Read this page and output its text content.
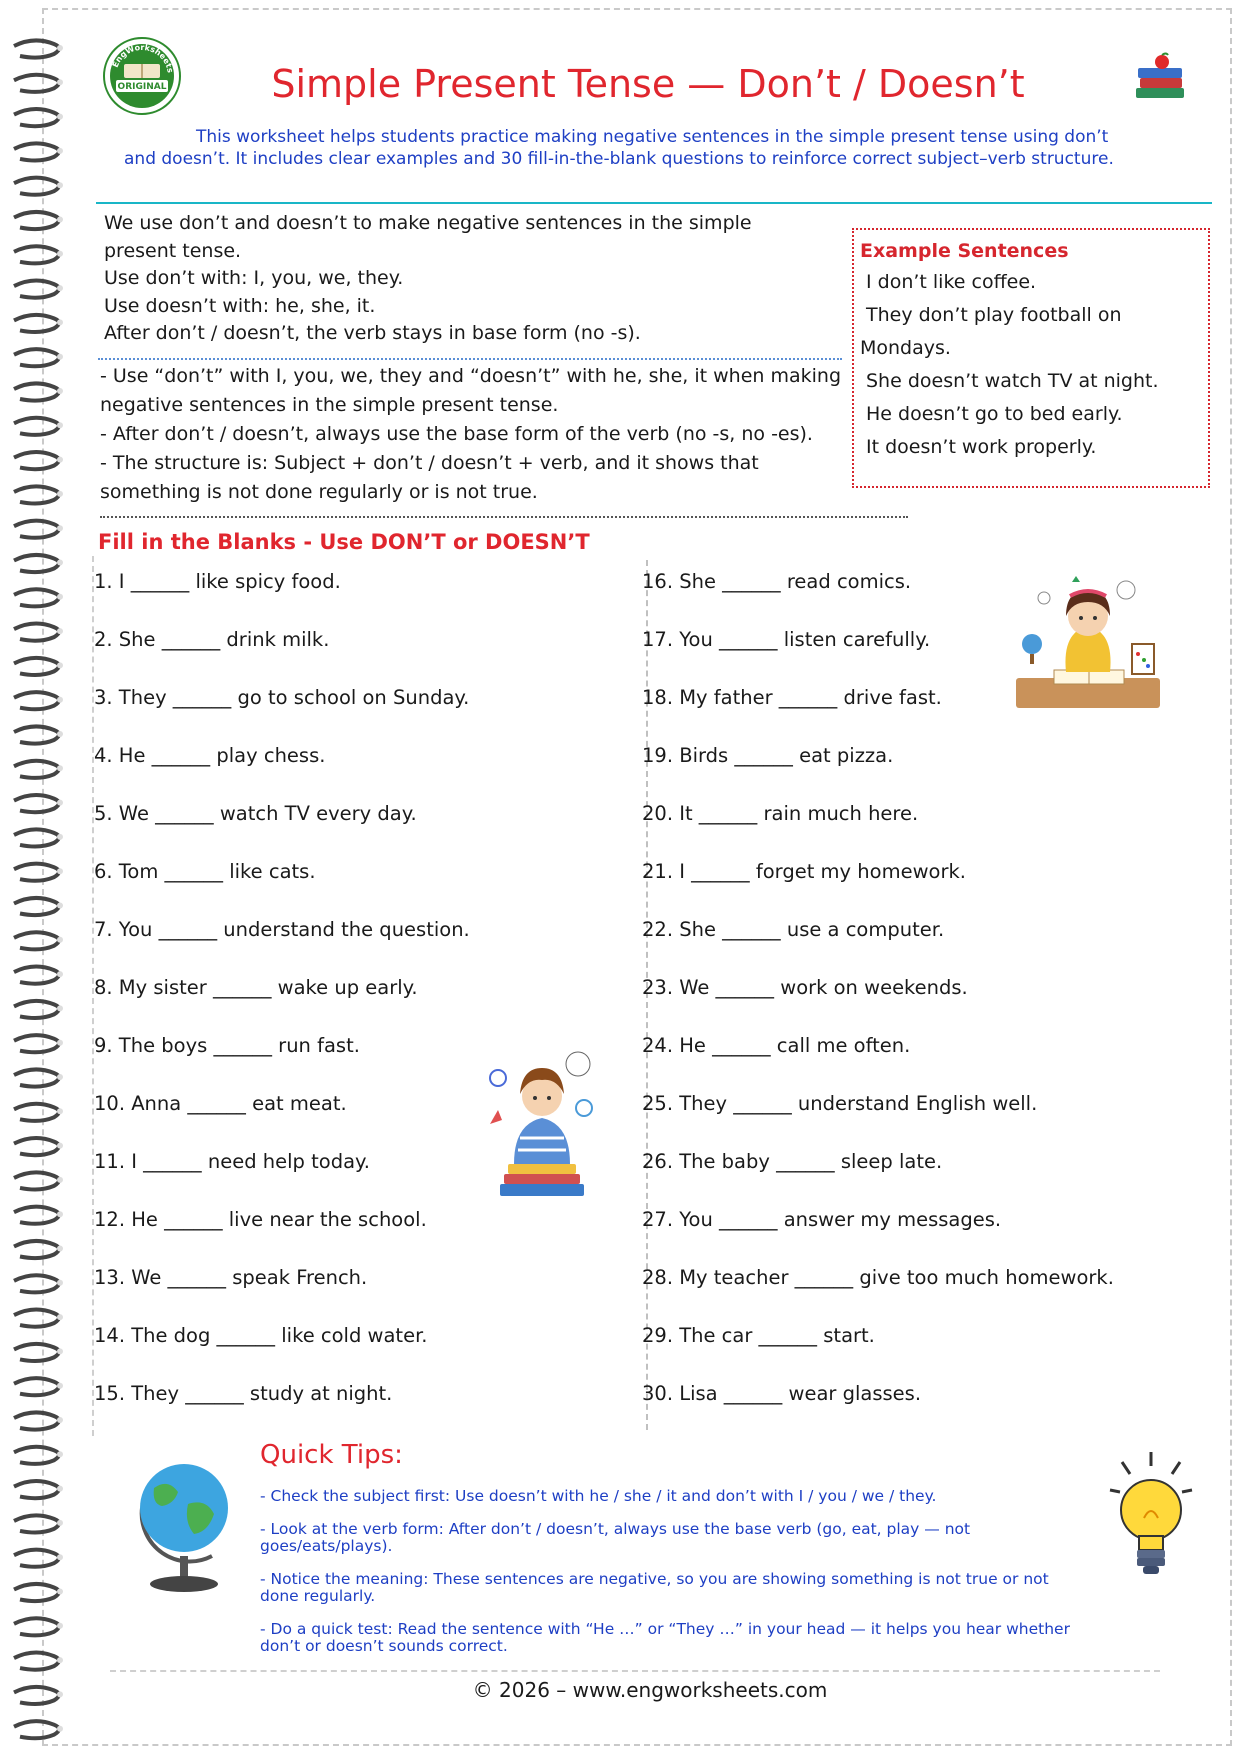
EngWorksheets
ORIGINAL	Simple Present Tense — Don’t / Doesn’t
This worksheet helps students practice making negative sentences in the simple present tense using don’t and doesn’t. It includes clear examples and 30 fill-in-the-blank questions to reinforce correct subject–verb structure.
We use don’t and doesn’t to make negative sentences in the simple present tense.
Use don’t with: I, you, we, they.
Use doesn’t with: he, she, it.
After don’t / doesn’t, the verb stays in base form (no -s).
- Use “don’t” with I, you, we, they and “doesn’t” with he, she, it when making negative sentences in the simple present tense.
- After don’t / doesn’t, always use the base form of the verb (no -s, no -es).
- The structure is: Subject + don’t / doesn’t + verb, and it shows that something is not done regularly or is not true.
Example Sentences
I don’t like coffee.
They don’t play football on
Mondays.
She doesn’t watch TV at night.
He doesn’t go to bed early.
It doesn’t work properly.
Fill in the Blanks - Use DON’T or DOESN’T
1. I ______ like spicy food.
2. She ______ drink milk.
3. They ______ go to school on Sunday.
4. He ______ play chess.
5. We ______ watch TV every day.
6. Tom ______ like cats.
7. You ______ understand the question.
8. My sister ______ wake up early.
9. The boys ______ run fast.
10. Anna ______ eat meat.
11. I ______ need help today.
12. He ______ live near the school.
13. We ______ speak French.
14. The dog ______ like cold water.
15. They ______ study at night.
16. She ______ read comics.
17. You ______ listen carefully.
18. My father ______ drive fast.
19. Birds ______ eat pizza.
20. It ______ rain much here.
21. I ______ forget my homework.
22. She ______ use a computer.
23. We ______ work on weekends.
24. He ______ call me often.
25. They ______ understand English well.
26. The baby ______ sleep late.
27. You ______ answer my messages.
28. My teacher ______ give too much homework.
29. The car ______ start.
30. Lisa ______ wear glasses.
Quick Tips:
- Check the subject first: Use doesn’t with he / she / it and don’t with I / you / we / they.
- Look at the verb form: After don’t / doesn’t, always use the base verb (go, eat, play — not goes/eats/plays).
- Notice the meaning: These sentences are negative, so you are showing something is not true or not done regularly.
- Do a quick test: Read the sentence with “He …” or “They …” in your head — it helps you hear whether don’t or doesn’t sounds correct.
© 2026 – www.engworksheets.com
